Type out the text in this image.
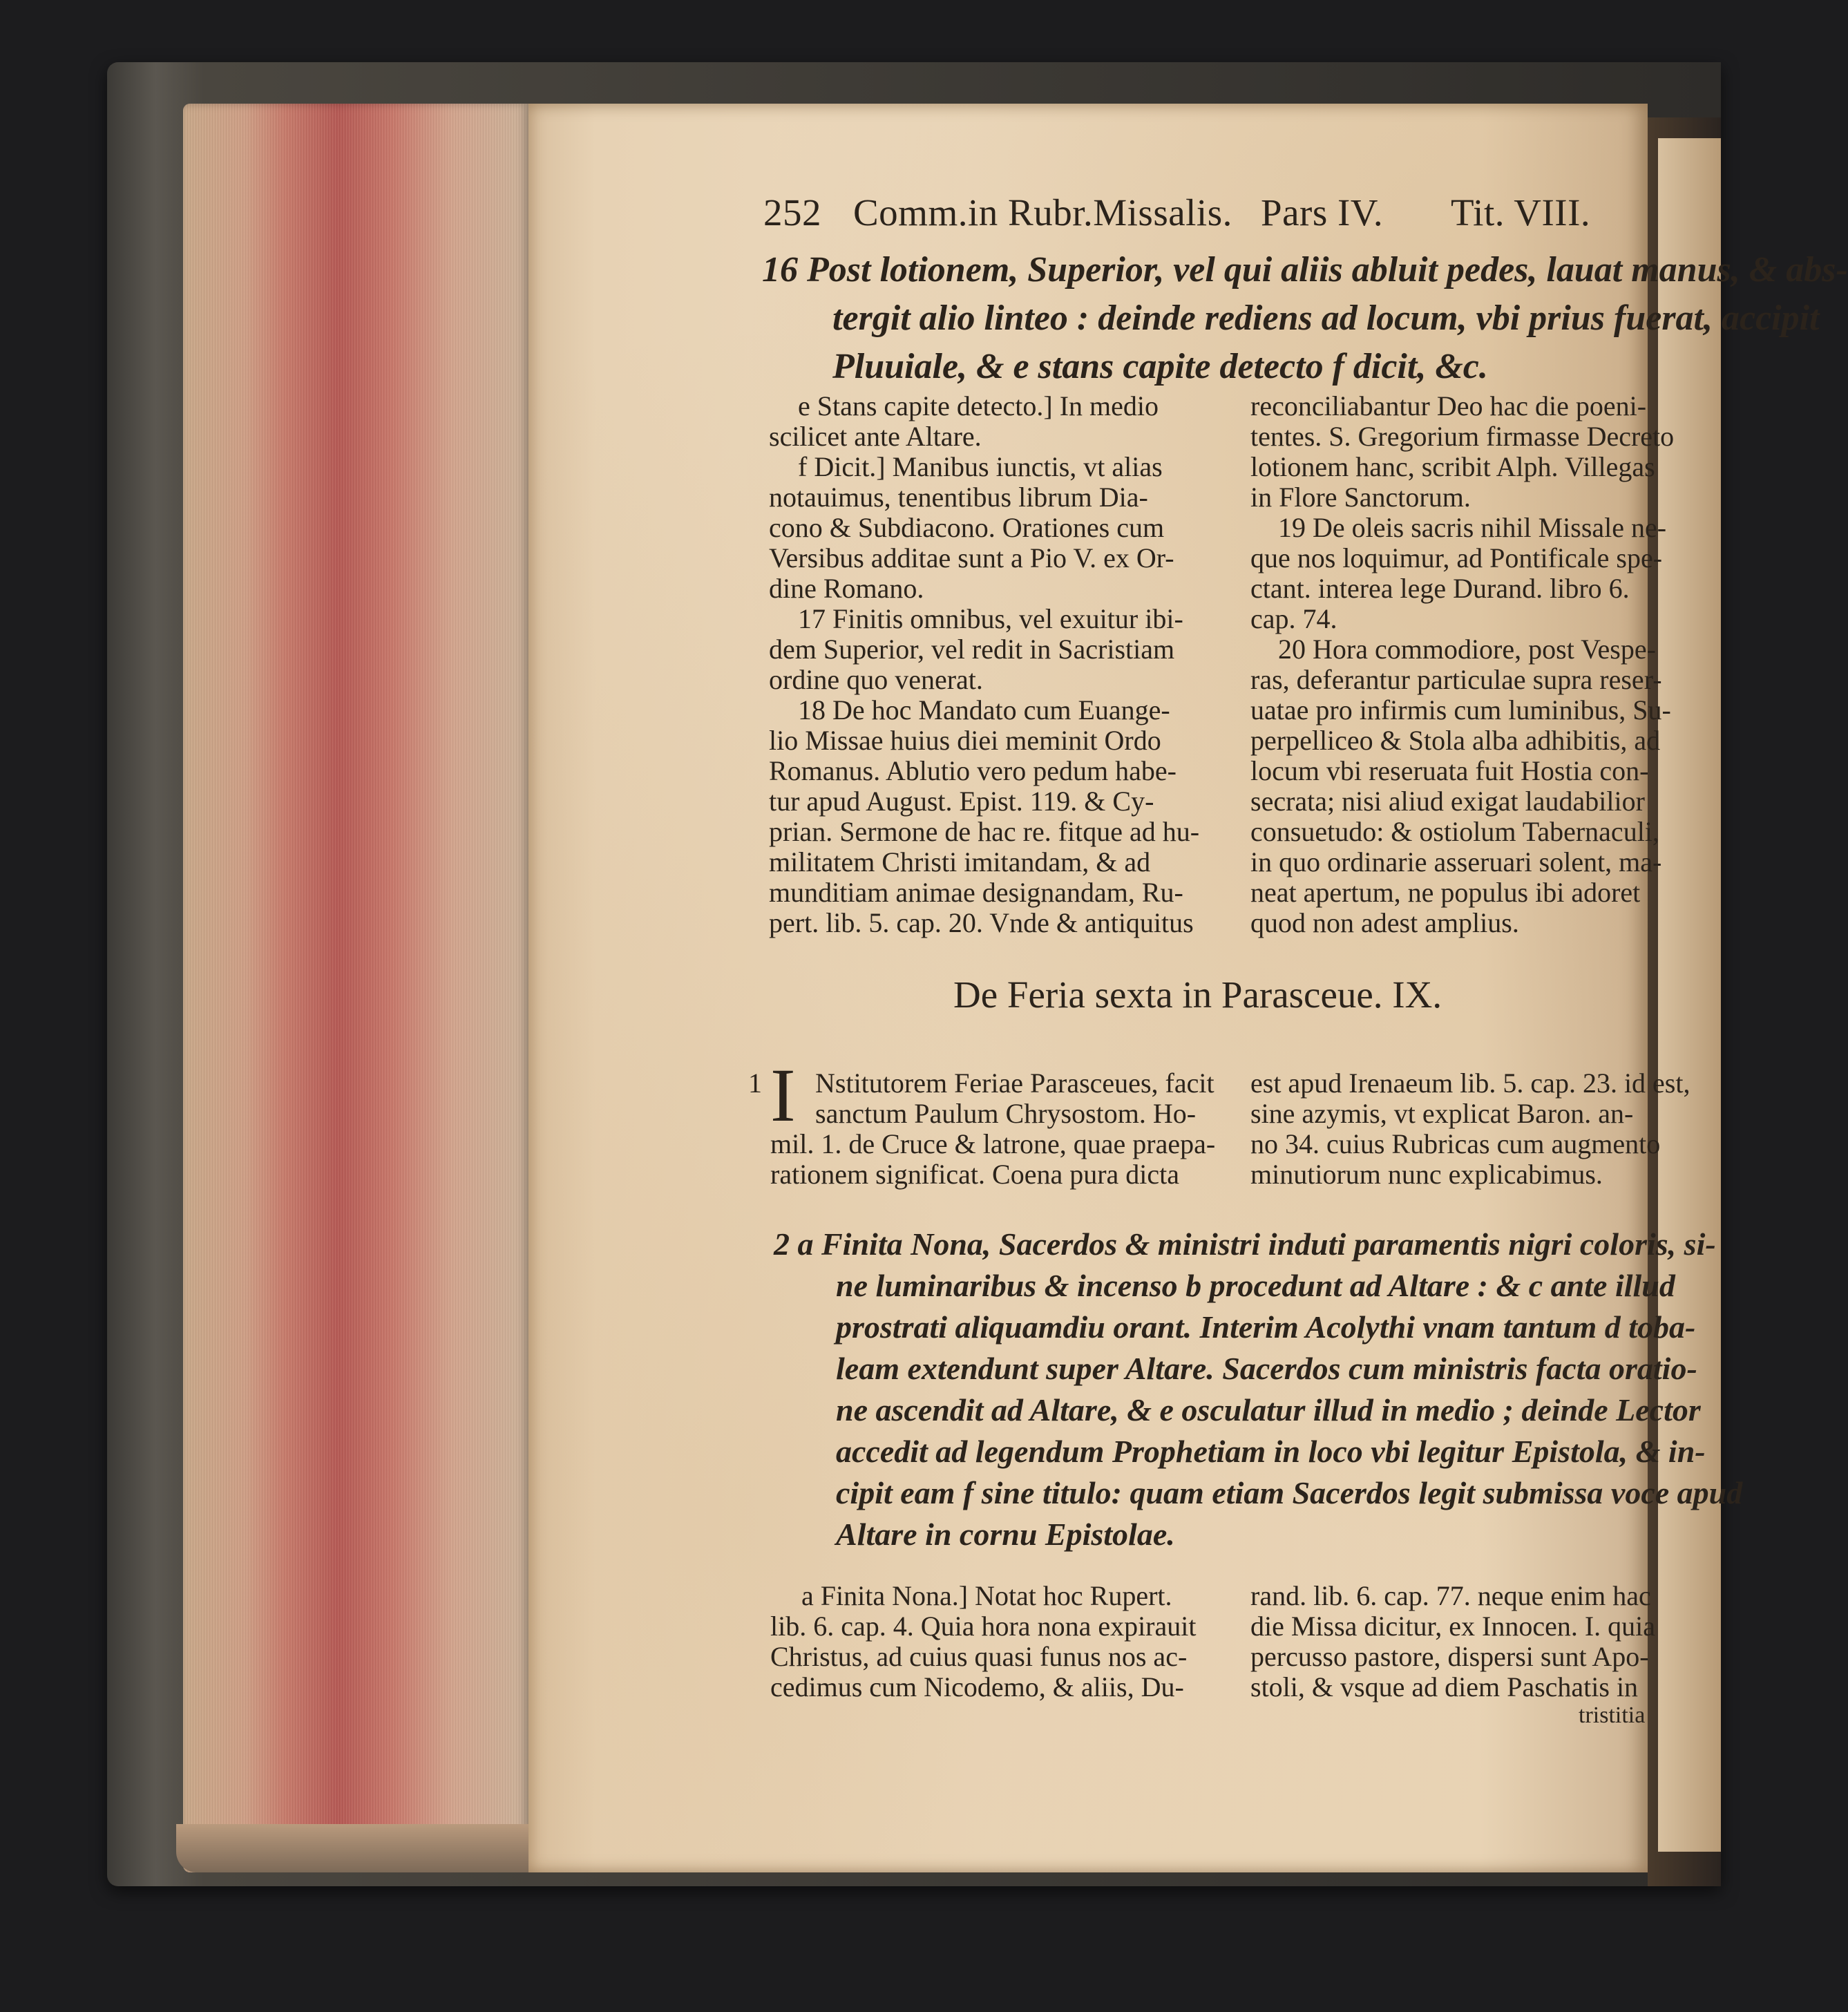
252 Comm.in Rubr.Missalis. Pars IV. Tit. VIII.
16 Post lotionem, Superior, vel qui aliis abluit pedes, lauat manus, & abs-
tergit alio linteo : deinde rediens ad locum, vbi prius fuerat, accipit
Pluuiale, & e stans capite detecto f dicit, &c.
e Stans capite detecto.] In medio
scilicet ante Altare.
f Dicit.] Manibus iunctis, vt alias
notauimus, tenentibus librum Dia-
cono & Subdiacono. Orationes cum
Versibus additae sunt a Pio V. ex Or-
dine Romano.
17 Finitis omnibus, vel exuitur ibi-
dem Superior, vel redit in Sacristiam
ordine quo venerat.
18 De hoc Mandato cum Euange-
lio Missae huius diei meminit Ordo
Romanus. Ablutio vero pedum habe-
tur apud August. Epist. 119. & Cy-
prian. Sermone de hac re. fitque ad hu-
militatem Christi imitandam, & ad
munditiam animae designandam, Ru-
pert. lib. 5. cap. 20. Vnde & antiquitus
reconciliabantur Deo hac die poeni-
tentes. S. Gregorium firmasse Decreto
lotionem hanc, scribit Alph. Villegas
in Flore Sanctorum.
19 De oleis sacris nihil Missale ne-
que nos loquimur, ad Pontificale spe-
ctant. interea lege Durand. libro 6.
cap. 74.
20 Hora commodiore, post Vespe-
ras, deferantur particulae supra reser-
uatae pro infirmis cum luminibus, Su-
perpelliceo & Stola alba adhibitis, ad
locum vbi reseruata fuit Hostia con-
secrata; nisi aliud exigat laudabilior
consuetudo: & ostiolum Tabernaculi,
in quo ordinarie asseruari solent, ma-
neat apertum, ne populus ibi adoret
quod non adest amplius.
De Feria sexta in Parasceue. IX.
1 I Nstitutorem Feriae Parasceues, facit
sanctum Paulum Chrysostom. Ho-
mil. 1. de Cruce & latrone, quae praepa-
rationem significat. Coena pura dicta
est apud Irenaeum lib. 5. cap. 23. id est,
sine azymis, vt explicat Baron. an-
no 34. cuius Rubricas cum augmento
minutiorum nunc explicabimus.
2 a Finita Nona, Sacerdos & ministri induti paramentis nigri coloris, si-
ne luminaribus & incenso b procedunt ad Altare : & c ante illud
prostrati aliquamdiu orant. Interim Acolythi vnam tantum d toba-
leam extendunt super Altare. Sacerdos cum ministris facta oratio-
ne ascendit ad Altare, & e osculatur illud in medio ; deinde Lector
accedit ad legendum Prophetiam in loco vbi legitur Epistola, & in-
cipit eam f sine titulo: quam etiam Sacerdos legit submissa voce apud
Altare in cornu Epistolae.
a Finita Nona.] Notat hoc Rupert.
lib. 6. cap. 4. Quia hora nona expirauit
Christus, ad cuius quasi funus nos ac-
cedimus cum Nicodemo, & aliis, Du-
rand. lib. 6. cap. 77. neque enim hac
die Missa dicitur, ex Innocen. I. quia
percusso pastore, dispersi sunt Apo-
stoli, & vsque ad diem Paschatis in
tristitia
